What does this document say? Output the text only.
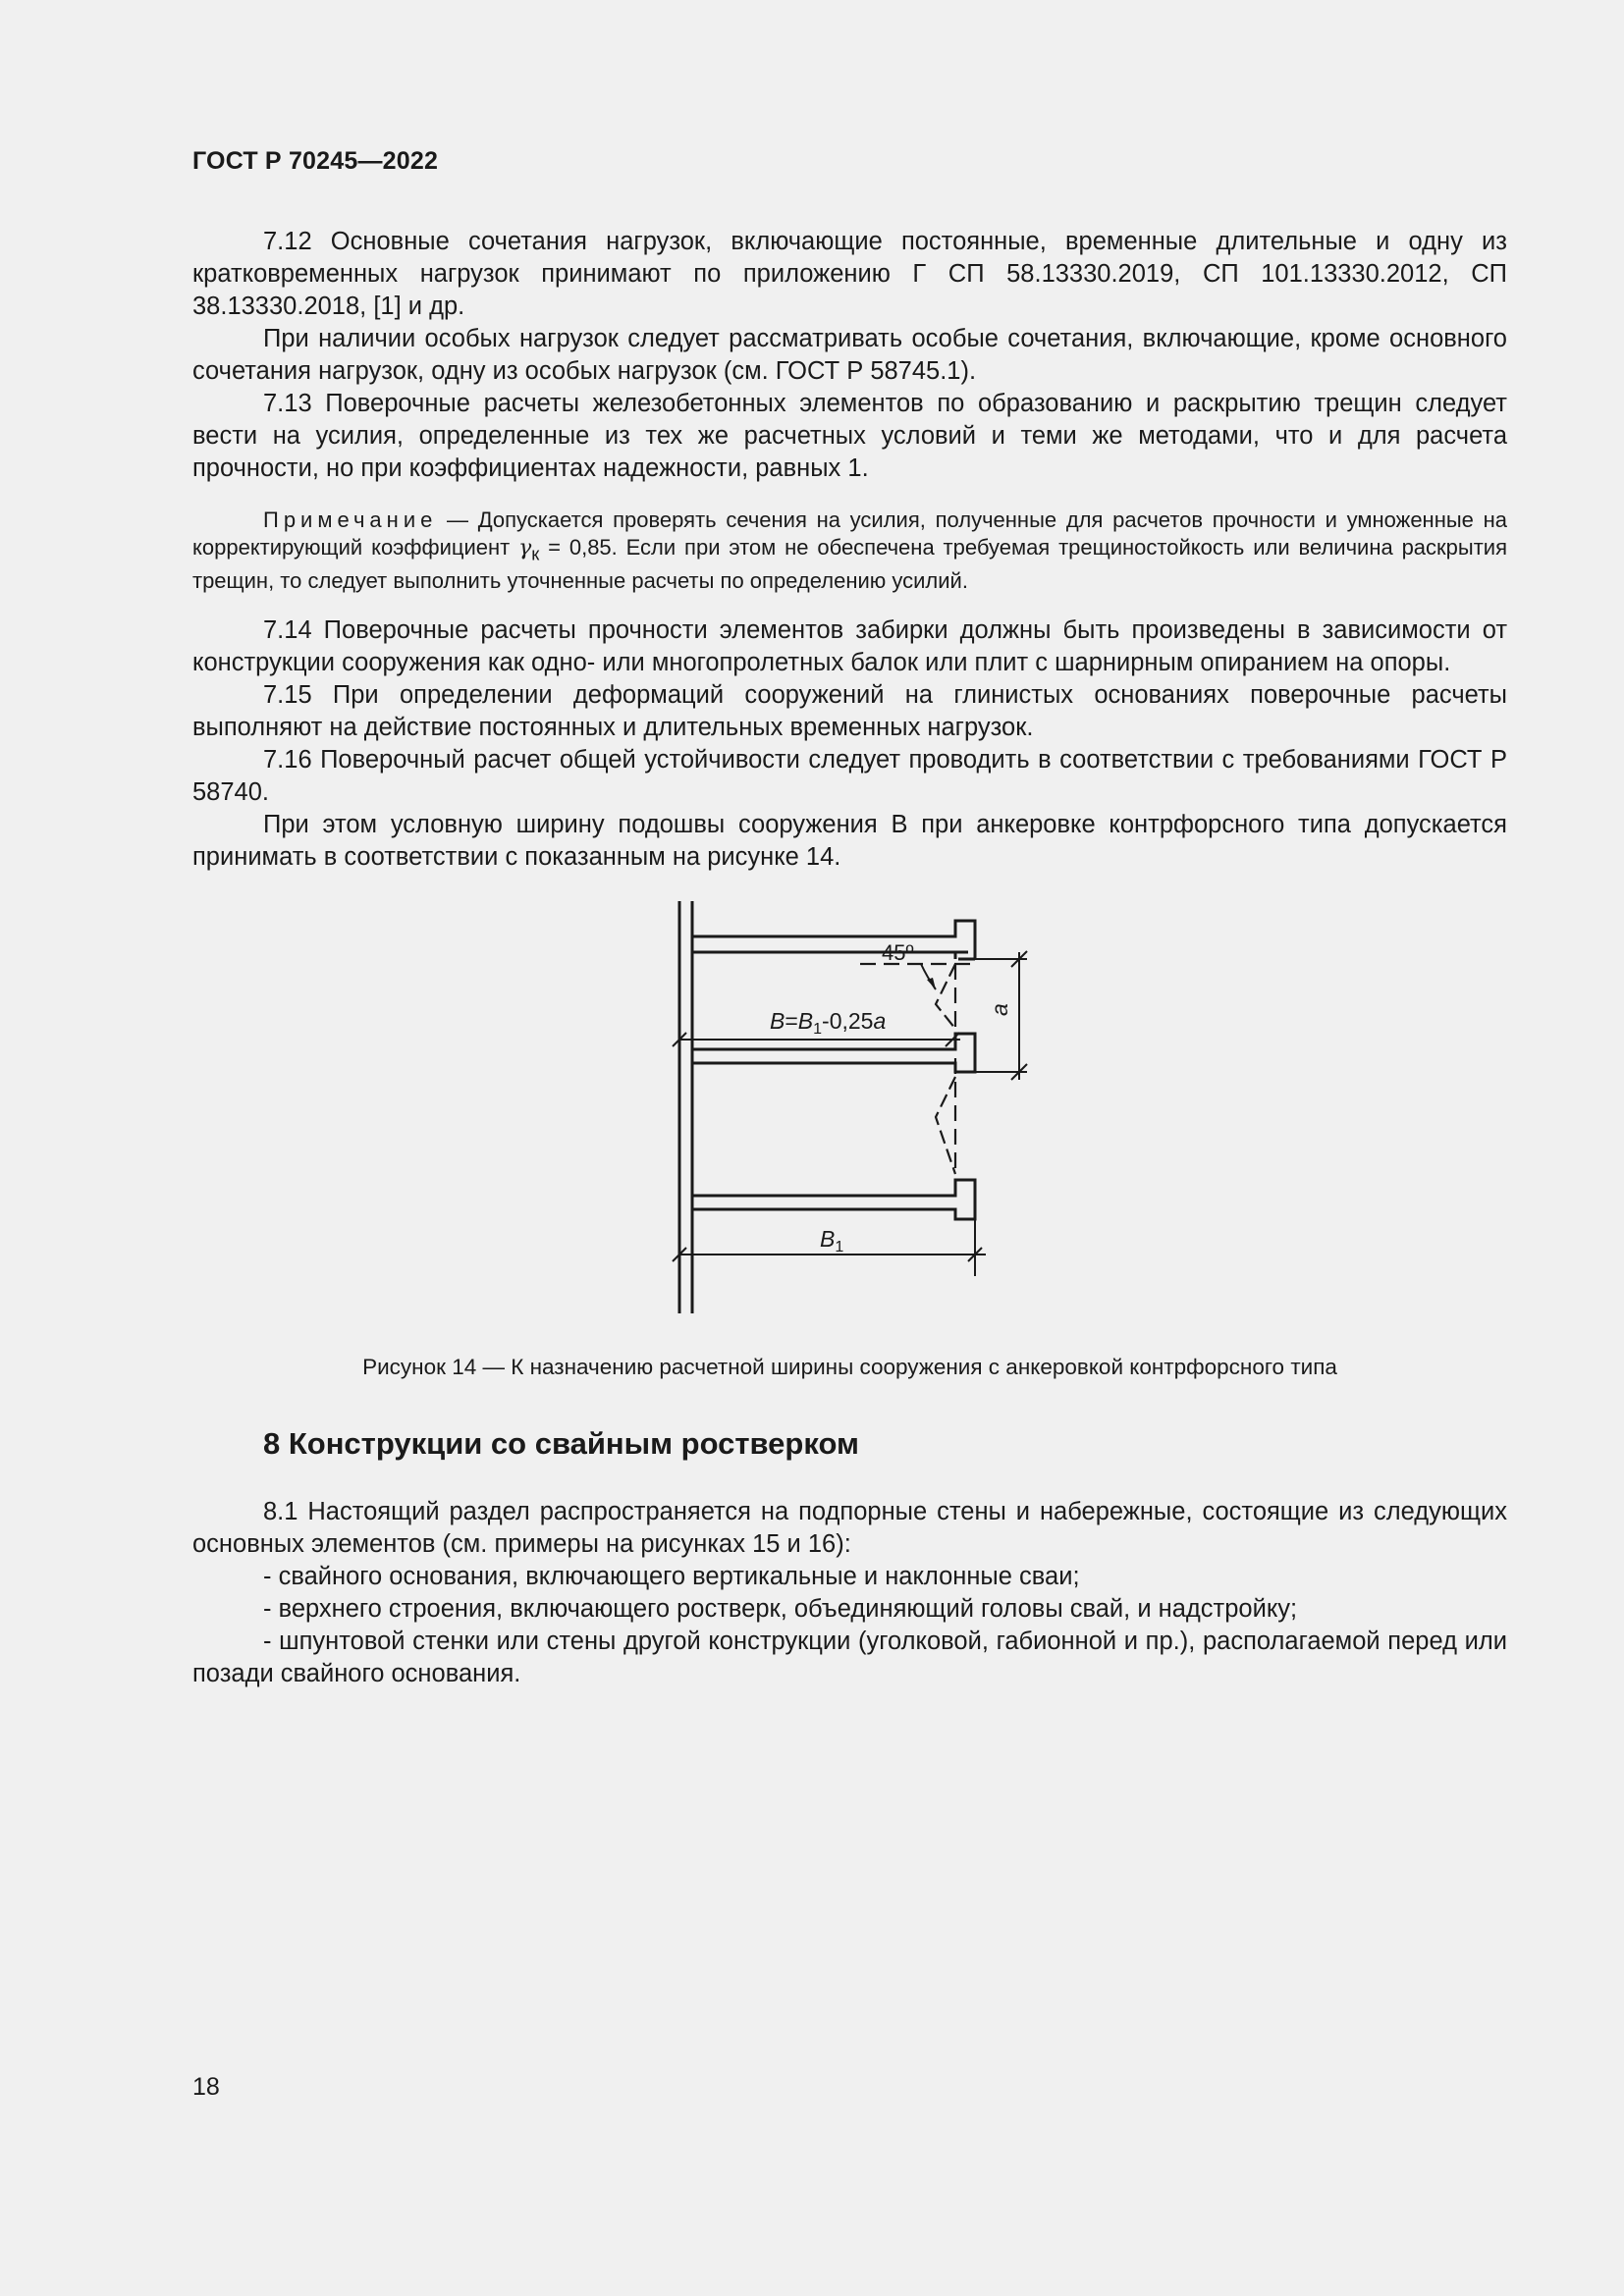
ГОСТ Р 70245—2022

7.12 Основные сочетания нагрузок, включающие постоянные, временные длительные и одну из кратковременных нагрузок принимают по приложению Г СП 58.13330.2019, СП 101.13330.2012, СП 38.13330.2018, [1] и др.

При наличии особых нагрузок следует рассматривать особые сочетания, включающие, кроме основного сочетания нагрузок, одну из особых нагрузок (см. ГОСТ Р 58745.1).

7.13 Поверочные расчеты железобетонных элементов по образованию и раскрытию трещин следует вести на усилия, определенные из тех же расчетных условий и теми же методами, что и для расчета прочности, но при коэффициентах надежности, равных 1.

Примечание — Допускается проверять сечения на усилия, полученные для расчетов прочности и умноженные на корректирующий коэффициент $\gamma_к = 0,85$. Если при этом не обеспечена требуемая трещиностойкость или величина раскрытия трещин, то следует выполнить уточненные расчеты по определению усилий.

7.14 Поверочные расчеты прочности элементов забирки должны быть произведены в зависимости от конструкции сооружения как одно- или многопролетных балок или плит с шарнирным опиранием на опоры.

7.15 При определении деформаций сооружений на глинистых основаниях поверочные расчеты выполняют на действие постоянных и длительных временных нагрузок.

7.16 Поверочный расчет общей устойчивости следует проводить в соответствии с требованиями ГОСТ Р 58740.

При этом условную ширину подошвы сооружения В при анкеровке контрфорсного типа допускается принимать в соответствии с показанным на рисунке 14.

45º
$B=B_1-0,25a$	a
$B_1$
Рисунок 14 — К назначению расчетной ширины сооружения с анкеровкой контрфорсного типа
8 Конструкции со свайным ростверком

8.1 Настоящий раздел распространяется на подпорные стены и набережные, состоящие из следующих основных элементов (см. примеры на рисунках 15 и 16):

- свайного основания, включающего вертикальные и наклонные сваи;

- верхнего строения, включающего ростверк, объединяющий головы свай, и надстройку;

- шпунтовой стенки или стены другой конструкции (уголковой, габионной и пр.), располагаемой перед или позади свайного основания.

18
